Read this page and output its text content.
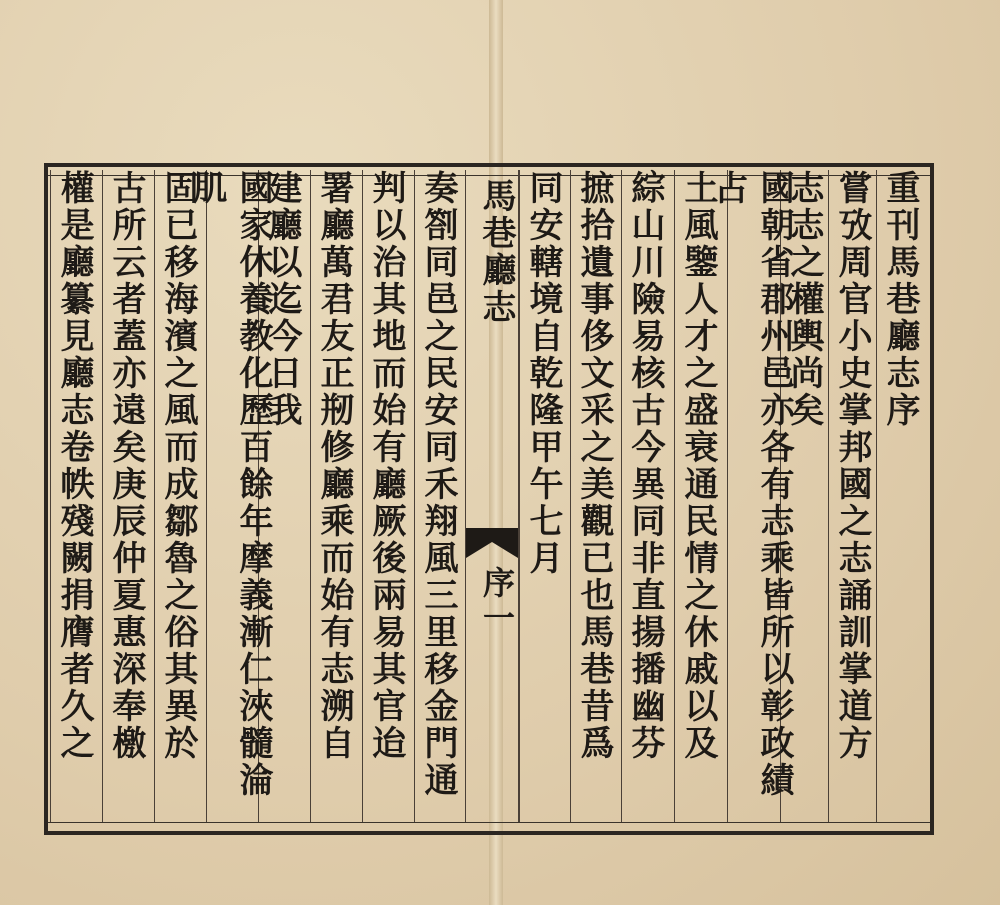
重刊馬巷廳志序
嘗攷周官小史掌邦國之志誦訓掌道方
志志之權輿尚矣
國朝省郡州邑亦各有志乘皆所以彰政績占
土風鑒人才之盛衰通民情之休戚以及
綜山川險易核古今異同非直揚播幽芬
摭拾遺事侈文采之美觀已也馬巷昔爲
同安轄境自乾隆甲午七月
馬巷廳志
序一
奏劄同邑之民安同禾翔風三里移金門通
判以治其地而始有廳厥後兩易其官迨
署廳萬君友正剏修廳乘而始有志溯自
建廳以迄今日我
國家休養教化歷百餘年摩義漸仁浹髓淪肌
固已移海濱之風而成鄒魯之俗其異於
古所云者蓋亦遠矣庚辰仲夏惠深奉檄
權是廳纂見廳志卷帙殘闕捐膺者久之
